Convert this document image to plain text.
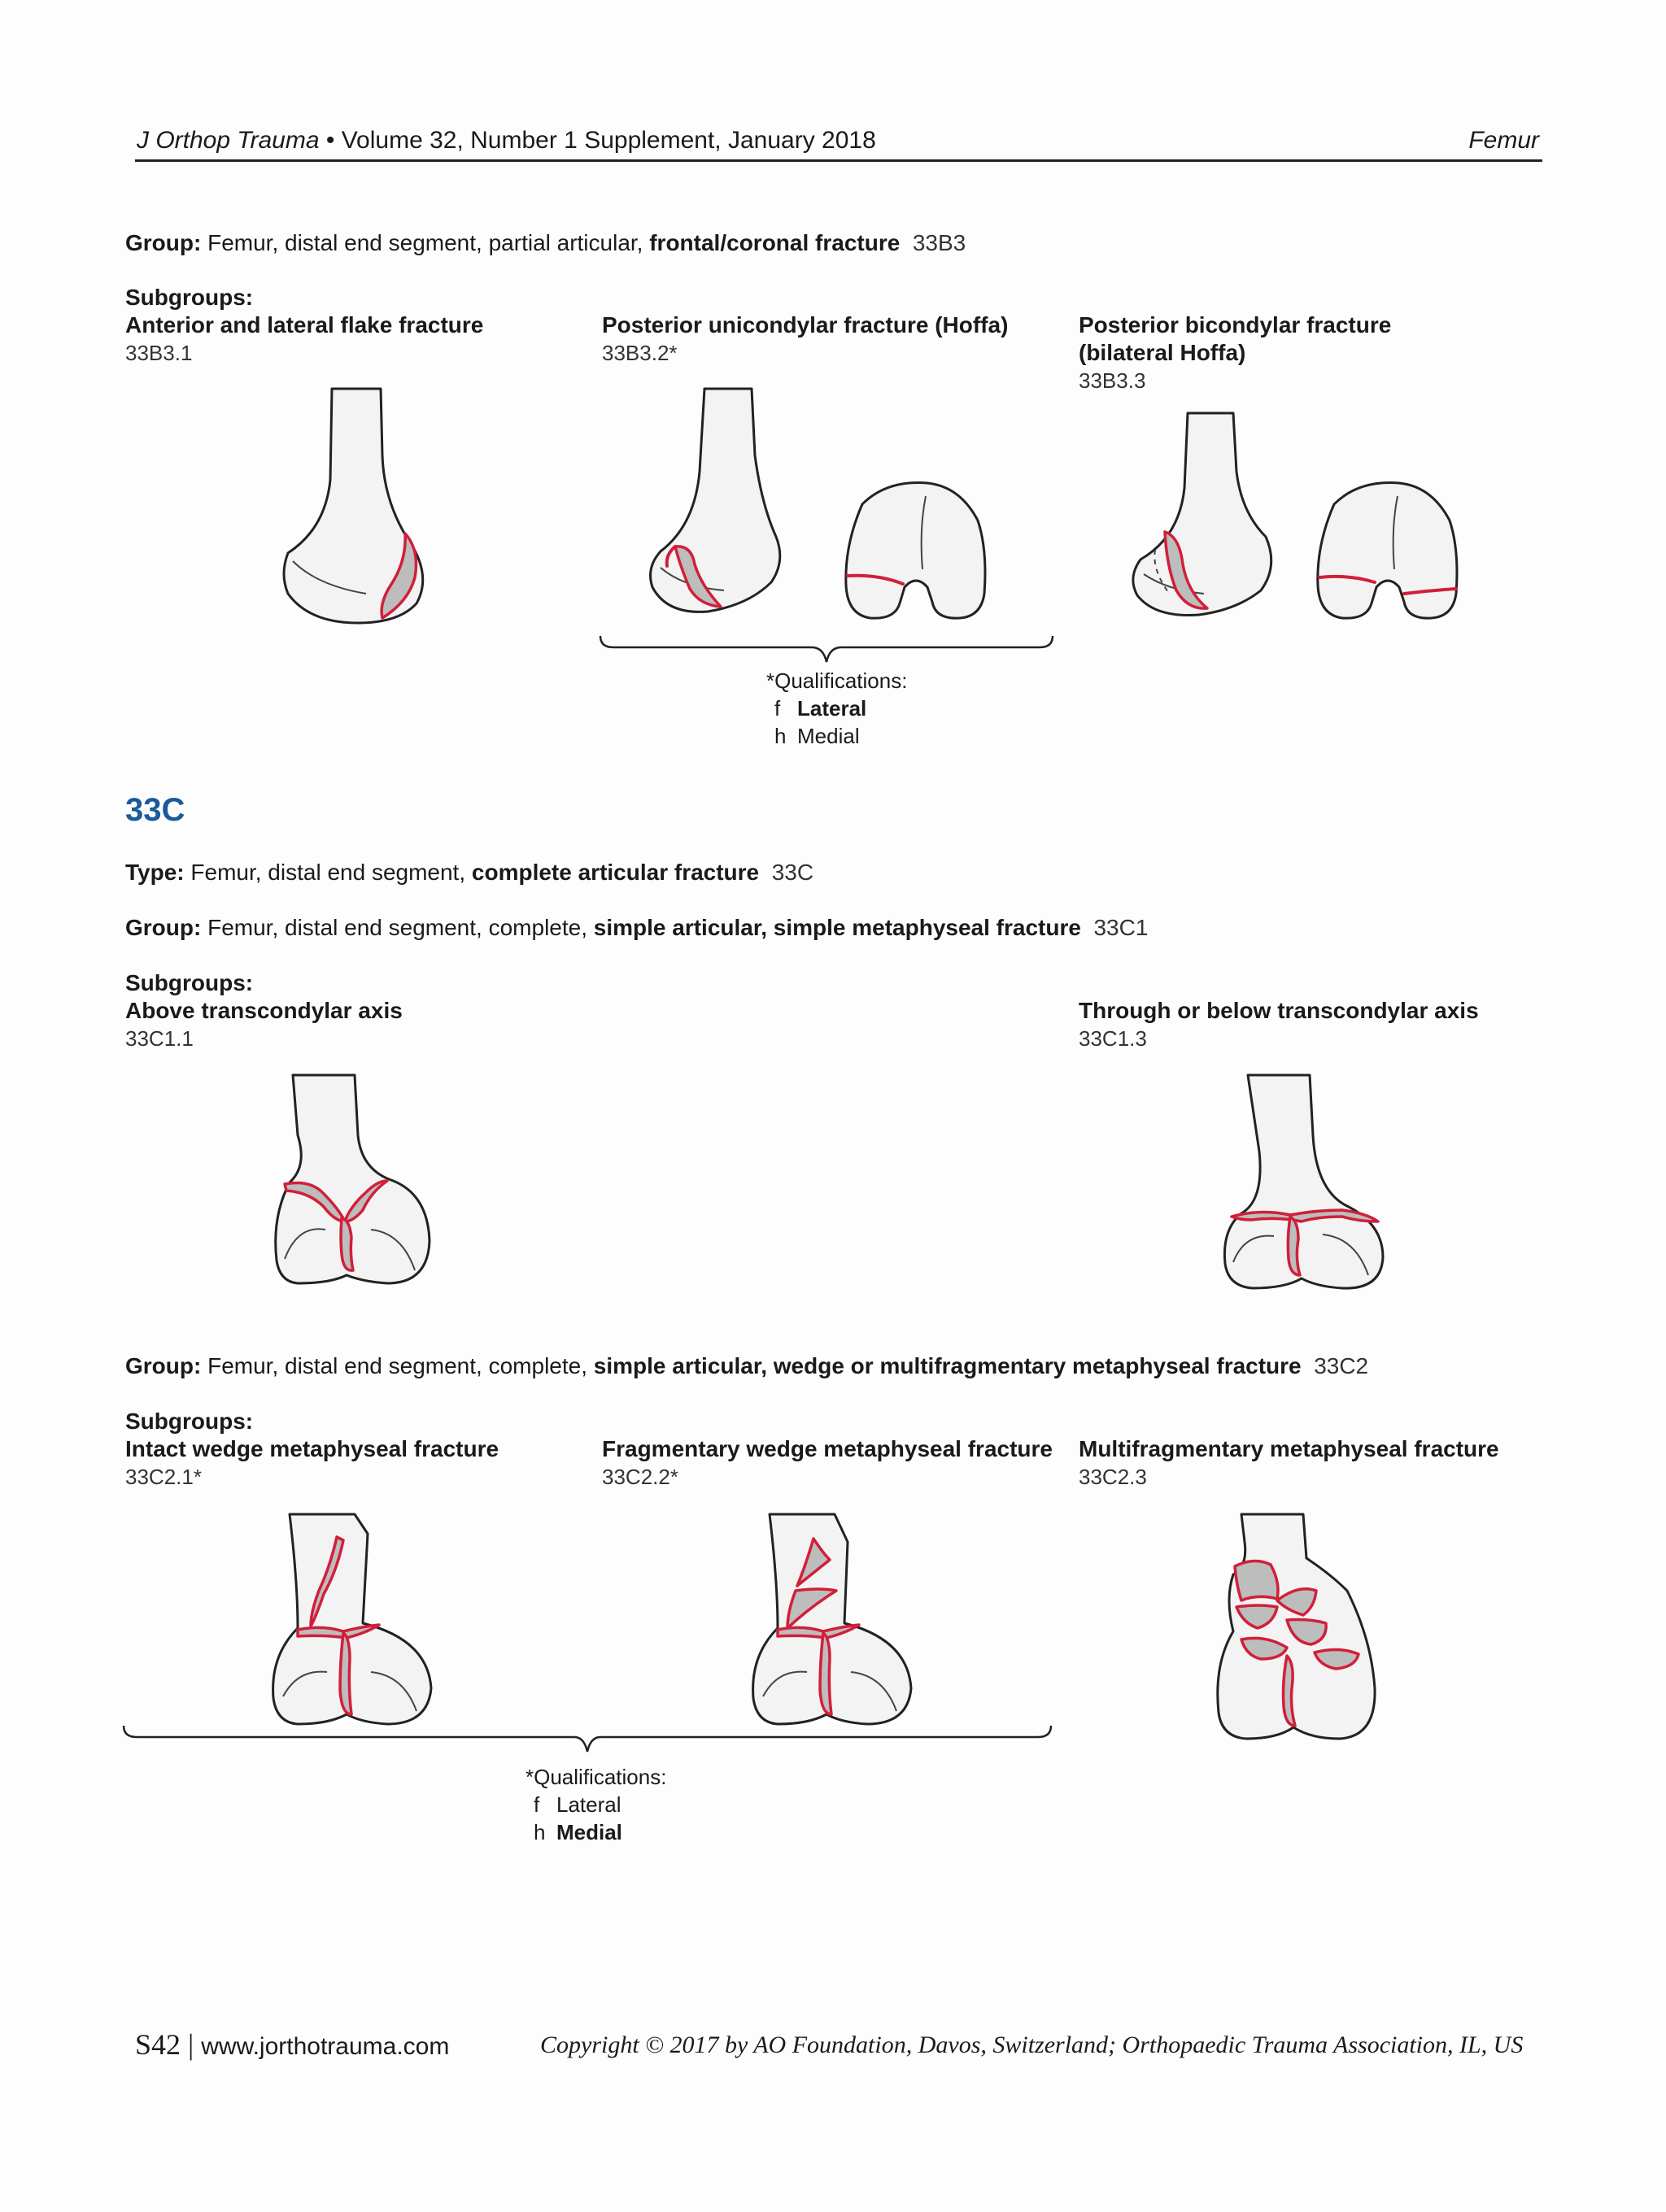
J Orthop Trauma • Volume 32, Number 1 Supplement, January 2018	Femur
Group: Femur, distal end segment, partial articular, frontal/coronal fracture 33B3
Subgroups:
Anterior and lateral flake fracture
33B3.1
Posterior unicondylar fracture (Hoffa)
33B3.2*
Posterior bicondylar fracture
(bilateral Hoffa)
33B3.3
*Qualifications:
f Lateral
h Medial
33C
Type: Femur, distal end segment, complete articular fracture 33C
Group: Femur, distal end segment, complete, simple articular, simple metaphyseal fracture 33C1
Subgroups:
Above transcondylar axis
33C1.1
Through or below transcondylar axis
33C1.3
Group: Femur, distal end segment, complete, simple articular, wedge or multifragmentary metaphyseal fracture 33C2
Subgroups:
Intact wedge metaphyseal fracture
33C2.1*
Fragmentary wedge metaphyseal fracture
33C2.2*
Multifragmentary metaphyseal fracture
33C2.3
*Qualifications:
f Lateral
h Medial
S42 | www.jorthotrauma.com	Copyright © 2017 by AO Foundation, Davos, Switzerland; Orthopaedic Trauma Association, IL, US
